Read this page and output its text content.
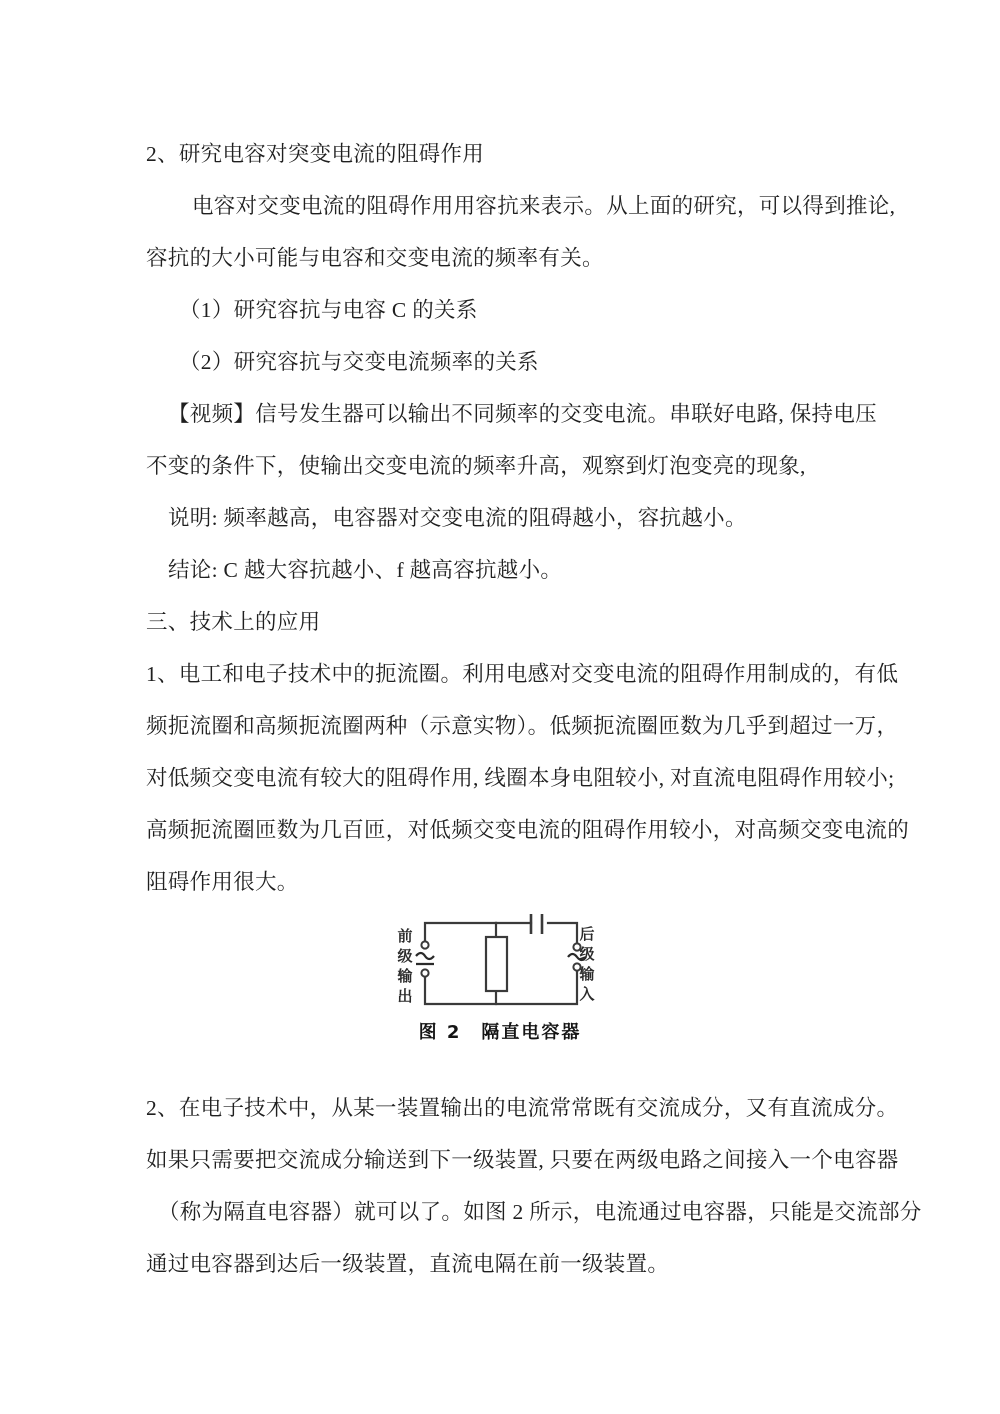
2、研究电容对突变电流的阻碍作用
电容对交变电流的阻碍作用用容抗来表示。从上面的研究，可以得到推论,
容抗的大小可能与电容和交变电流的频率有关。
（1）研究容抗与电容 C 的关系
（2）研究容抗与交变电流频率的关系
【视频】信号发生器可以输出不同频率的交变电流。串联好电路, 保持电压
不变的条件下，使输出交变电流的频率升高，观察到灯泡变亮的现象,
说明: 频率越高，电容器对交变电流的阻碍越小，容抗越小。
结论: C 越大容抗越小、f 越高容抗越小。
三、技术上的应用
1、电工和电子技术中的扼流圈。利用电感对交变电流的阻碍作用制成的，有低
频扼流圈和高频扼流圈两种（示意实物）。低频扼流圈匝数为几乎到超过一万，
对低频交变电流有较大的阻碍作用, 线圈本身电阻较小, 对直流电阻碍作用较小;
高频扼流圈匝数为几百匝，对低频交变电流的阻碍作用较小，对高频交变电流的
阻碍作用很大。
前
级
输
出
后
级
输
入
图 2　隔直电容器
2、在电子技术中，从某一装置输出的电流常常既有交流成分，又有直流成分。
如果只需要把交流成分输送到下一级装置, 只要在两级电路之间接入一个电容器
（称为隔直电容器）就可以了。如图 2 所示，电流通过电容器，只能是交流部分
通过电容器到达后一级装置，直流电隔在前一级装置。
